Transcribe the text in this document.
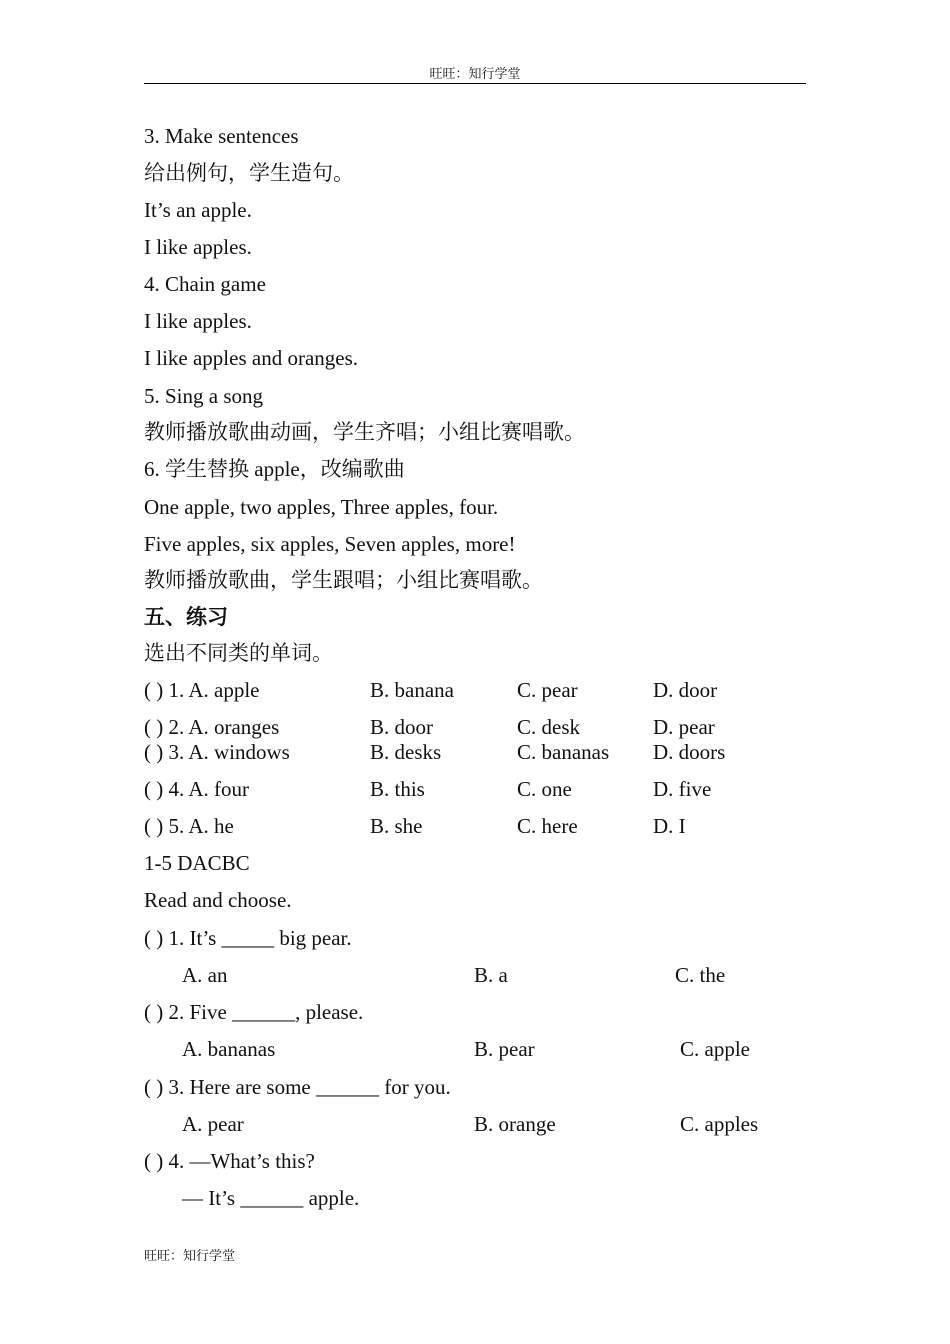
旺旺：知行学堂
3. Make sentences
给出例句，学生造句。
It’s an apple.
I like apples.
4. Chain game
I like apples.
I like apples and oranges.
5. Sing a song
教师播放歌曲动画，学生齐唱；小组比赛唱歌。
6. 学生替换 apple，改编歌曲
One apple, two apples, Three apples, four.
Five apples, six apples, Seven apples, more!
教师播放歌曲，学生跟唱；小组比赛唱歌。
五、练习
选出不同类的单词。
( ) 1. A. apple	B. banana	C. pear	D. door
( ) 2. A. oranges	B. door	C. desk	D. pear
( ) 3. A. windows	B. desks	C. bananas D. doors
( ) 4. A. four	B. this	C. one	D. five
( ) 5. A. he	B. she	C. here	D. I
1-5 DACBC
Read and choose.
( ) 1. It’s _____ big pear.
A. an	B. a	C. the
( ) 2. Five ______, please.
A. bananas	B. pear	C. apple
( ) 3. Here are some ______ for you.
A. pear	B. orange	C. apples
( ) 4. —What’s this?
— It’s ______ apple.
旺旺：知行学堂
